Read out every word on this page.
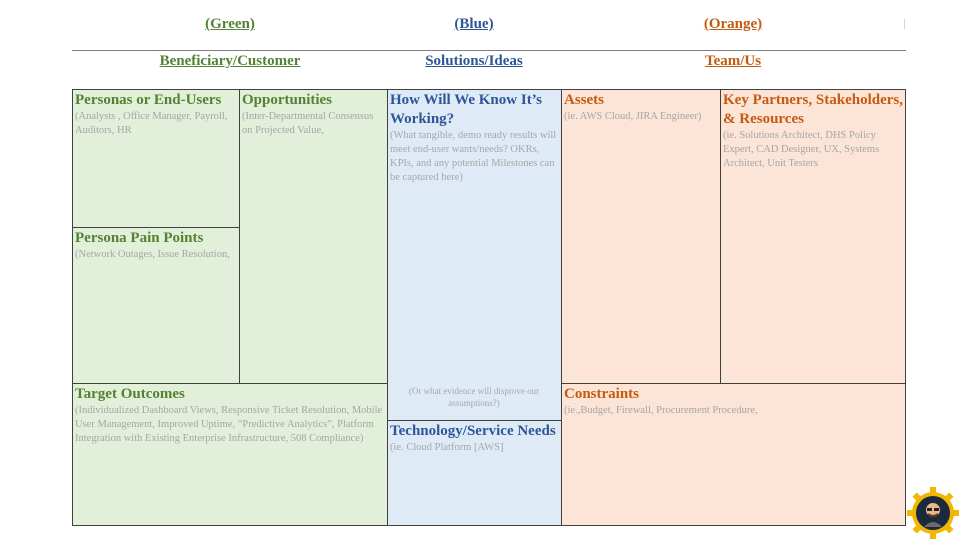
(Green)	(Blue)	(Orange)
Beneficiary/Customer	Solutions/Ideas	Team/Us
Personas or End-Users
(Analysts , Office Manager, Payroll, Auditors, HR
Persona Pain Points
(Network Outages, Issue Resolution,
Opportunities
(Inter-Departmental Consensus on Projected Value,
How Will We Know It’s Working?
(What tangible, demo ready results will meet end-user wants/needs? OKRs, KPIs, and any potential Milestones can be captured here)
(Or what evidence will disprove our assumptions?)
Assets
(ie. AWS Cloud, JIRA Engineer)
Key Partners, Stakeholders, & Resources
(ie. Solutions Architect, DHS Policy Expert, CAD Designer, UX, Systems Architect, Unit Testers
Target Outcomes
(Individualized Dashboard Views, Responsive Ticket Resolution, Mobile User Management, Improved Uptime, “Predictive Analytics”, Platform Integration with Existing Enterprise Infrastructure, 508 Compliance)	Technology/Service Needs
(ie. Cloud Platform [AWS]
Constraints
(ie.,Budget, Firewall, Procurement Procedure,
